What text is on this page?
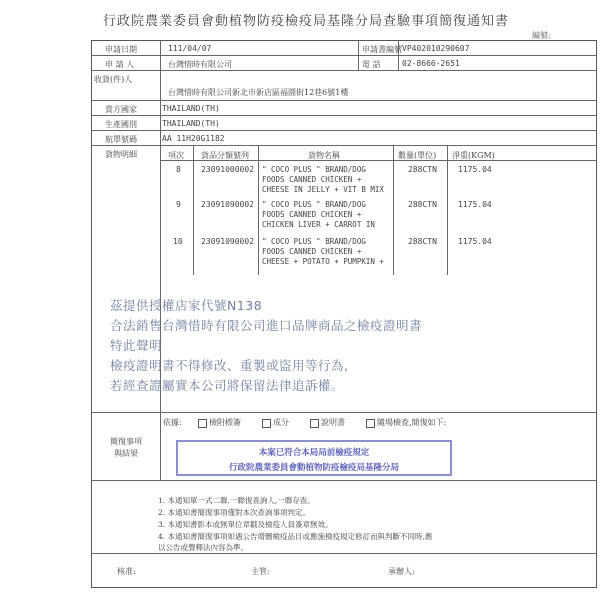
行政院農業委員會動植物防疫檢疫局基隆分局查驗事項簡復通知書
編號:
申請日期	111/04/07	申請書編號 VP402010290607
申 請 人	台灣惜時有限公司	電 話	02-8666-2651
收貨(件)人
台灣惜時有限公司新北市新店區福園街12巷6號1樓
貴方國家	THAILAND(TH)
生產國別	THAILAND(TH)
航單號碼	AA 11H20G1182
貨物明細	項次 貨品分類號列	貨物名稱	數量(單位) 淨重(KGM)
8	23091000002 " COCO PLUS " BRAND/DOG
FOODS CANNED CHICKEN +
CHEESE IN JELLY + VIT B MIX
288CTN	1175.04
9	23091090002 " COCO PLUS " BRAND/DOG
FOODS CANNED CHICKEN +
CHICKEN LIVER + CARROT IN
288CTN	1175.04
10 23091090002 " COCO PLUS " BRAND/DOG
FOODS CANNED CHICKEN +
CHEESE + POTATO + PUMPKIN +
288CTN	1175.04
茲提供授權店家代號N138
合法銷售台灣惜時有限公司進口品牌商品之檢疫證明書
特此聲明
檢疫證明書不得修改、重製或盜用等行為,
若經查證屬實本公司將保留法律追訴權。
簡復事項
與結果
依據:	檢附標簽	成分	說明書	隨場檢查,簡復如下:
本案已符合本局局前檢疫規定
行政院農業委員會動植物防疫檢疫局基隆分局
1. 本通知單一式二聯,一聯復查詢人,一聯存查。
2. 本通知書簡復事項僅對本次查詢事項判定。
3. 本通知書影本或無單位章戳及檢疫人員簽章無效。
4. 本通知書簡復事項如遇公告增刪檢疫品目或應施檢疫規定修訂而與判斷不同時,應
以公告或聲釋法內容為準。
核准:	主管:	承辦人:
